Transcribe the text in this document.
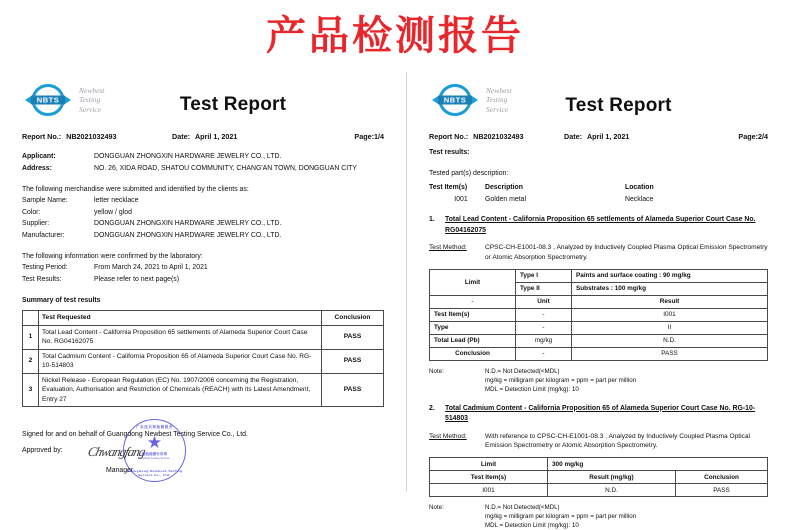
产品检测报告
NBTS
Newbest
Testing
Service	Test Report
Report No.: NB2021032493	Date: April 1, 2021	Page:1/4
Applicant:	DONGGUAN ZHONGXIN HARDWARE JEWELRY CO., LTD.
Address:	NO. 26, XIDA ROAD, SHATOU COMMUNITY, CHANG'AN TOWN, DONGGUAN CITY
The following merchandise were submitted and identified by the clients as:
Sample Name:	letter necklace
Color:	yellow / glod
Supplier:	DONGGUAN ZHONGXIN HARDWARE JEWELRY CO., LTD.
Manufacturer:	DONGGUAN ZHONGXIN HARDWARE JEWELRY CO., LTD.
The following information were confirmed by the laboratory:
Testing Period:	From March 24, 2021 to April 1, 2021
Test Results:	Please refer to next page(s)
Summary of test results
	Test Requested	Conclusion
1	Total Lead Content - California Proposition 65 settlements of Alameda Superior Court Case No. RG04162075	PASS
2	Total Cadmium Content - California Proposition 65 of Alameda Superior Court Case No. RG-10-514803	PASS
3	Nickel Release - European Regulation (EC) No. 1907/2006 concerning the Registration, Evaluation, Authorisation and Restriction of Chemicals (REACH) with its Latest Amendment, Entry 27	PASS
Signed for and on behalf of Guangdong Newbest Testing Service Co., Ltd.
Approved by:	Chwangfang
Manager
广东纽贝斯检测服务
★
检验检测专用章
Newbest Testing Service
Guangdong Newbest Testing Service Co., Ltd.
NBTS
Newbest
Testing
Service	Test Report
Report No.: NB2021032493	Date: April 1, 2021	Page:2/4
Test results:
Tested part(s) description:
Test Item(s)	Description	Location
I001	Golden metal	Necklace
1.	Total Lead Content - California Proposition 65 settlements of Alameda Superior Court Case No. RG04162075
Test Method:	CPSC-CH-E1001-08.3 , Analyzed by Inductively Coupled Plasma Optical Emission Spectrometry or Atomic Absorption Spectrometry.
Limit	Type I	Paints and surface coating : 90 mg/kg
	Type II	Substrates : 100 mg/kg
-	Unit	Result
Test Item(s)	-	I001
Type	-	II
Total Lead (Pb)	mg/kg	N.D.
Conclusion	-	PASS
Note:	N.D.= Not Detected(<MDL)
mg/kg = milligram per kilogram = ppm = part per million
MDL = Detection Limit (mg/kg): 10
2.	Total Cadmium Content - California Proposition 65 of Alameda Superior Court Case No. RG-10-514803
Test Method:	With reference to CPSC-CH-E1001-08.3 , Analyzed by Inductively Coupled Plasma Optical Emission Spectrometry or Atomic Absorption Spectrometry.
Limit	300 mg/kg	
Test Item(s)	Result (mg/kg)	Conclusion
I001	N.D.	PASS
Note:	N.D.= Not Detected(<MDL)
mg/kg = milligram per kilogram = ppm = part per million
MDL = Detection Limit (mg/kg): 10
